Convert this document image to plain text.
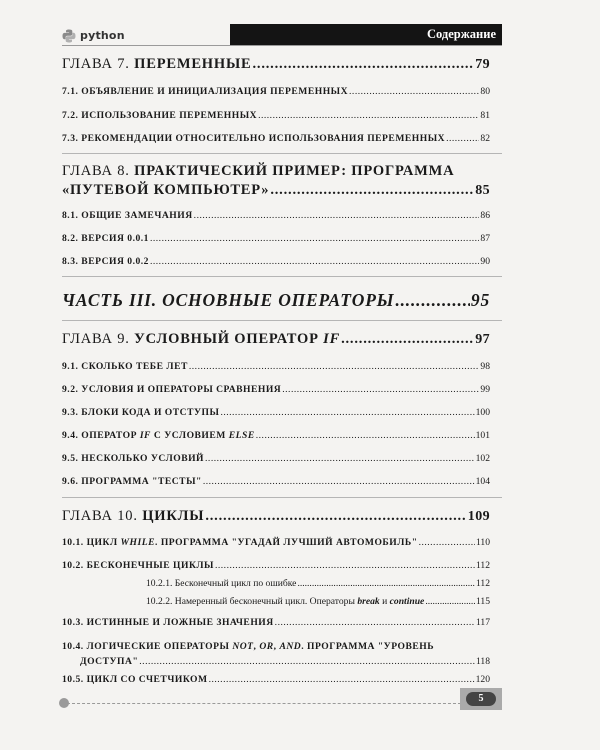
python	Содержание
ГЛАВА 7. ПЕРЕМЕННЫЕ .....	79
7.1. ОБЪЯВЛЕНИЕ И ИНИЦИАЛИЗАЦИЯ ПЕРЕМЕННЫХ .....	80
7.2. ИСПОЛЬЗОВАНИЕ ПЕРЕМЕННЫХ .....	81
7.3. РЕКОМЕНДАЦИИ ОТНОСИТЕЛЬНО ИСПОЛЬЗОВАНИЯ ПЕРЕМЕННЫХ .....	82
ГЛАВА 8. ПРАКТИЧЕСКИЙ ПРИМЕР: ПРОГРАММА
«ПУТЕВОЙ КОМПЬЮТЕР» .....	85
8.1. ОБЩИЕ ЗАМЕЧАНИЯ .....	86
8.2. ВЕРСИЯ 0.0.1 .....	87
8.3. ВЕРСИЯ 0.0.2 .....	90
ЧАСТЬ III. ОСНОВНЫЕ ОПЕРАТОРЫ .....	95
ГЛАВА 9. УСЛОВНЫЙ ОПЕРАТОР IF .....	97
9.1. СКОЛЬКО ТЕБЕ ЛЕТ .....	98
9.2. УСЛОВИЯ И ОПЕРАТОРЫ СРАВНЕНИЯ .....	99
9.3. БЛОКИ КОДА И ОТСТУПЫ .....	100
9.4. ОПЕРАТОР IF С УСЛОВИЕМ ELSE .....	101
9.5. НЕСКОЛЬКО УСЛОВИЙ .....	102
9.6. ПРОГРАММА "ТЕСТЫ" .....	104
ГЛАВА 10. ЦИКЛЫ .....	109
10.1. ЦИКЛ WHILE. ПРОГРАММА "УГАДАЙ ЛУЧШИЙ АВТОМОБИЛЬ" .....	110
10.2. БЕСКОНЕЧНЫЕ ЦИКЛЫ .....	112
10.2.1. Бесконечный цикл по ошибке .....	112
10.2.2. Намеренный бесконечный цикл. Операторы break и continue .....	115
10.3. ИСТИННЫЕ И ЛОЖНЫЕ ЗНАЧЕНИЯ .....	117
10.4. ЛОГИЧЕСКИЕ ОПЕРАТОРЫ NOT, OR, AND. ПРОГРАММА "УРОВЕНЬ
ДОСТУПА" .....	118
10.5. ЦИКЛ СО СЧЕТЧИКОМ .....	120
5
